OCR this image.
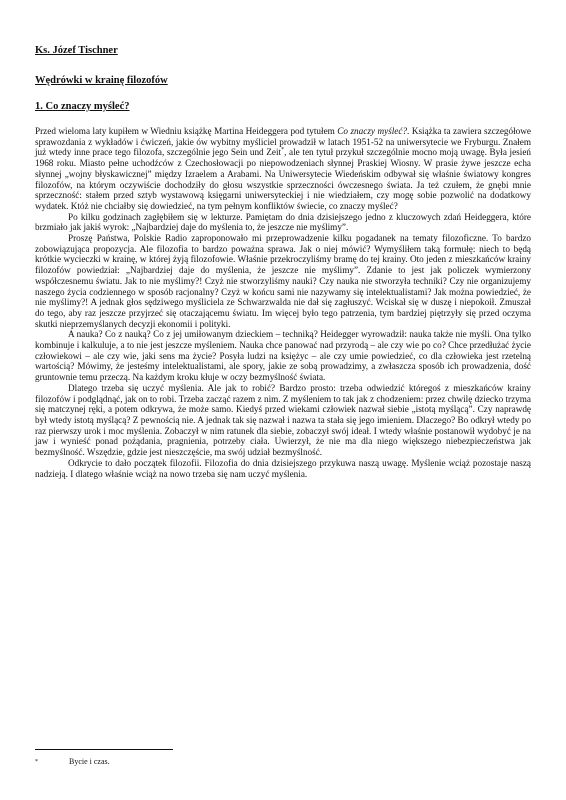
Ks. Józef Tischner

Wędrówki w krainę filozofów

1. Co znaczy myśleć?

Przed wieloma laty kupiłem w Wiedniu książkę Martina Heideggera pod tytułem Co znaczy myśleć?. Książka ta zawiera szczegółowe sprawozdania z wykładów i ćwiczeń, jakie ów wybitny myśliciel prowadził w latach 1951-52 na uniwersytecie we Fryburgu. Znałem już wtedy inne prace tego filozofa, szczególnie jego Sein und Zeit*, ale ten tytuł przykuł szczególnie mocno moją uwagę. Była jesień 1968 roku. Miasto pełne uchodźców z Czechosłowacji po niepowodzeniach słynnej Praskiej Wiosny. W prasie żywe jeszcze echa słynnej „wojny błyskawicznej” między Izraelem a Arabami. Na Uniwersytecie Wiedeńskim odbywał się właśnie światowy kongres filozofów, na którym oczywiście dochodziły do głosu wszystkie sprzeczności ówczesnego świata. Ja też czułem, że gnębi mnie sprzeczność: stałem przed sztyb wystawową księgarni uniwersyteckiej i nie wiedziałem, czy mogę sobie pozwolić na dodatkowy wydatek. Któż nie chciałby się dowiedzieć, na tym pełnym konfliktów świecie, co znaczy myśleć?

Po kilku godzinach zagłębiłem się w lekturze. Pamiętam do dnia dzisiejszego jedno z kluczowych zdań Heideggera, które brzmiało jak jakiś wyrok: „Najbardziej daje do myślenia to, że jeszcze nie myślimy”.

Proszę Państwa, Polskie Radio zaproponowało mi przeprowadzenie kilku pogadanek na tematy filozoficzne. To bardzo zobowiązująca propozycja. Ale filozofia to bardzo poważna sprawa. Jak o niej mówić? Wymyśliłem taką formułę: niech to będą krótkie wycieczki w krainę, w której żyją filozofowie. Właśnie przekroczyliśmy bramę do tej krainy. Oto jeden z mieszkańców krainy filozofów powiedział: „Najbardziej daje do myślenia, że jeszcze nie myślimy”. Zdanie to jest jak policzek wymierzony współczesnemu światu. Jak to nie myślimy?! Czyż nie stworzyliśmy nauki? Czy nauka nie stworzyła techniki? Czy nie organizujemy naszego życia codziennego w sposób racjonalny? Czyż w końcu sami nie nazywamy się intelektualistami? Jak można powiedzieć, że nie myślimy?! A jednak głos sędziwego myśliciela ze Schwarzwalda nie dał się zagłuszyć. Wciskał się w duszę i niepokoił. Zmuszał do tego, aby raz jeszcze przyjrzeć się otaczającemu światu. Im więcej było tego patrzenia, tym bardziej piętrzyły się przed oczyma skutki nieprzemyślanych decyzji ekonomii i polityki.

A nauka? Co z nauką? Co z jej umiłowanym dzieckiem – techniką? Heidegger wyrowadził: nauka także nie myśli. Ona tylko kombinuje i kalkuluje, a to nie jest jeszcze myśleniem. Nauka chce panować nad przyrodą – ale czy wie po co? Chce przedłużać życie człowiekowi – ale czy wie, jaki sens ma życie? Posyła ludzi na księżyc – ale czy umie powiedzieć, co dla człowieka jest rzetelną wartością? Mówimy, że jesteśmy intelektualistami, ale spory, jakie ze sobą prowadzimy, a zwłaszcza sposób ich prowadzenia, dość gruntownie temu przeczą. Na każdym kroku kłuje w oczy bezmyślność świata.

Dlatego trzeba się uczyć myślenia. Ale jak to robić? Bardzo prosto: trzeba odwiedzić któregoś z mieszkańców krainy filozofów i podglądnąć, jak on to robi. Trzeba zacząć razem z nim. Z myśleniem to tak jak z chodzeniem: przez chwilę dziecko trzyma się matczynej ręki, a potem odkrywa, że może samo. Kiedyś przed wiekami człowiek nazwał siebie „istotą myślącą”. Czy naprawdę był wtedy istotą myślącą? Z pewnością nie. A jednak tak się nazwał i nazwa ta stała się jego imieniem. Dlaczego? Bo odkrył wtedy po raz pierwszy urok i moc myślenia. Zobaczył w nim ratunek dla siebie, zobaczył swój ideał. I wtedy właśnie postanowił wydobyć je na jaw i wynieść ponad pożądania, pragnienia, potrzeby ciała. Uwierzył, że nie ma dla niego większego niebezpieczeństwa jak bezmyślność. Wszędzie, gdzie jest nieszczęście, ma swój udział bezmyślność.

Odkrycie to dało początek filozofii. Filozofia do dnia dzisiejszego przykuwa naszą uwagę. Myślenie wciąż pozostaje naszą nadzieją. I dlatego właśnie wciąż na nowo trzeba się nam uczyć myślenia.

*	Bycie i czas.
